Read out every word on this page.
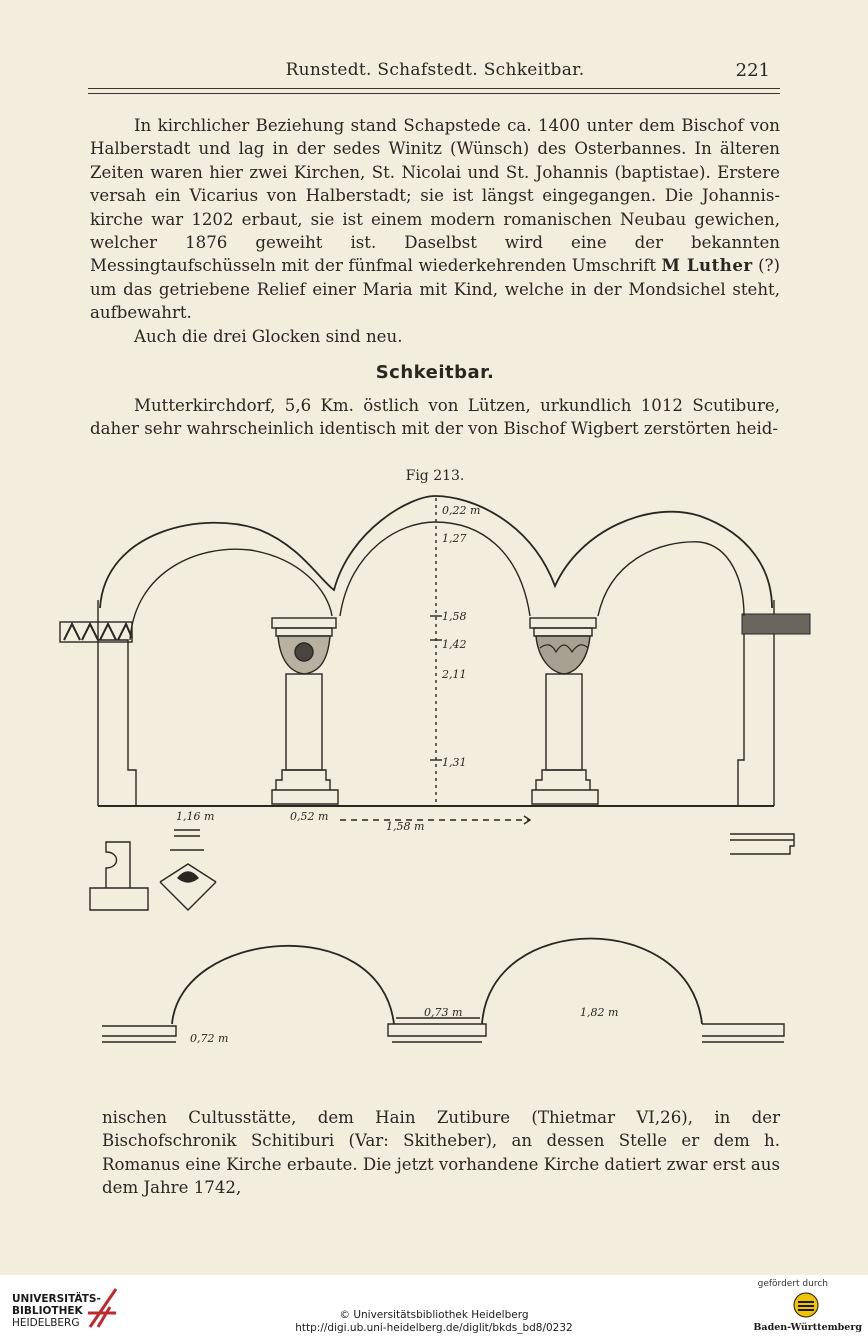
Runstedt. Schafstedt. Schkeitbar.	221

In kirchlicher Beziehung stand Schapstede ca. 1400 unter dem Bischof von Halberstadt und lag in der sedes Winitz (Wünsch) des Osterbannes. In älteren Zeiten waren hier zwei Kirchen, St. Nicolai und St. Johannis (baptistae). Erstere versah ein Vicarius von Halberstadt; sie ist längst eingegangen. Die Johannis-kirche war 1202 erbaut, sie ist einem modern romanischen Neubau gewichen, welcher 1876 geweiht ist. Daselbst wird eine der bekannten Messingtaufschüsseln mit der fünfmal wiederkehrenden Umschrift M Luther (?) um das getriebene Relief einer Maria mit Kind, welche in der Mondsichel steht, aufbewahrt.

Auch die drei Glocken sind neu.

Schkeitbar.

Mutterkirchdorf, 5,6 Km. östlich von Lützen, urkundlich 1012 Scutibure, daher sehr wahrscheinlich identisch mit der von Bischof Wigbert zerstörten heid-

Fig 213.
0,22 m
1,27
1,58
1,42
2,11
1,31
1,16 m	0,52 m
1,58 m
0,73 m	1,82 m
0,72 m

nischen Cultusstätte, dem Hain Zutibure (Thietmar VI,26), in der Bischofschronik Schitiburi (Var: Skitheber), an dessen Stelle er dem h. Romanus eine Kirche erbaute. Die jetzt vorhandene Kirche datiert zwar erst aus dem Jahre 1742,

UNIVERSITÄTS-
BIBLIOTHEK
HEIDELBERG
© Universitätsbibliothek Heidelberg
http://digi.ub.uni-heidelberg.de/diglit/bkds_bd8/0232
gefördert durch
Baden-Württemberg
